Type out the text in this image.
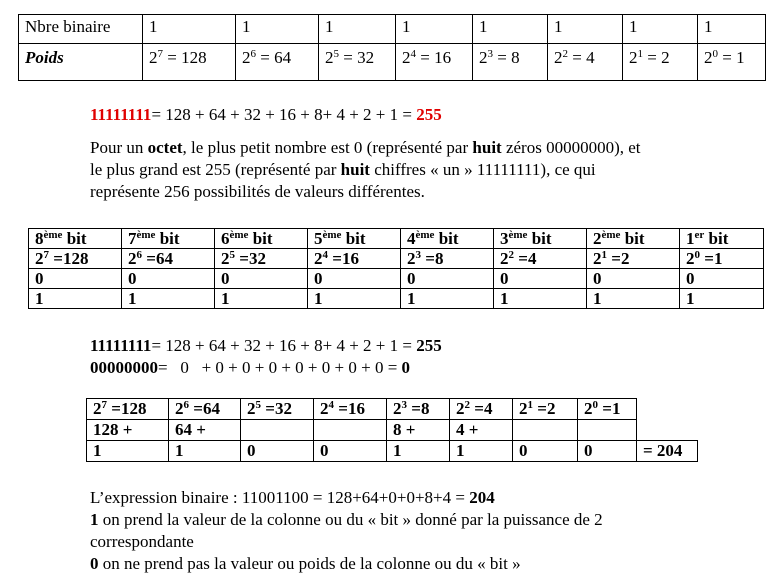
Nbre binaire	1	1	1	1	1	1	1	1
Poids	$2^7 = 128$	$2^6 = 64$	$2^5 = 32$	$2^4 = 16$	$2^3 = 8$	$2^2 = 4$	$2^1 = 2$	$2^0 = 1$
11111111= 128 + 64 + 32 + 16 + 8+ 4 + 2 + 1 = 255
Pour un octet, le plus petit nombre est 0 (représenté par huit zéros 00000000), et
le plus grand est 255 (représenté par huit chiffres « un » 11111111), ce qui
représente 256 possibilités de valeurs différentes.
8ème bit	7ème bit	6ème bit	5ème bit	4ème bit	3ème bit	2ème bit	1er bit
$2^7 =128$	$2^6 =64$	$2^5 =32$	$2^4 =16$	$2^3 =8$	$2^2 =4$	$2^1 =2$	$2^0 =1$
0	0	0	0	0	0	0	0
1	1	1	1	1	1	1	1
11111111= 128 + 64 + 32 + 16 + 8+ 4 + 2 + 1 = 255
00000000=   0   + 0 + 0 + 0 + 0 + 0 + 0 + 0 = 0
$2^7 =128$	$2^6 =64$	$2^5 =32$	$2^4 =16$	$2^3 =8$	$2^2 =4$	$2^1 =2$	$2^0 =1$	
128 +	64 +			8 +	4 +			
1	1	0	0	1	1	0	0	= 204
L’expression binaire : 11001100 = 128+64+0+0+8+4 = 204
1 on prend la valeur de la colonne ou du « bit » donné par la puissance de 2
correspondante
0 on ne prend pas la valeur ou poids de la colonne ou du « bit »
